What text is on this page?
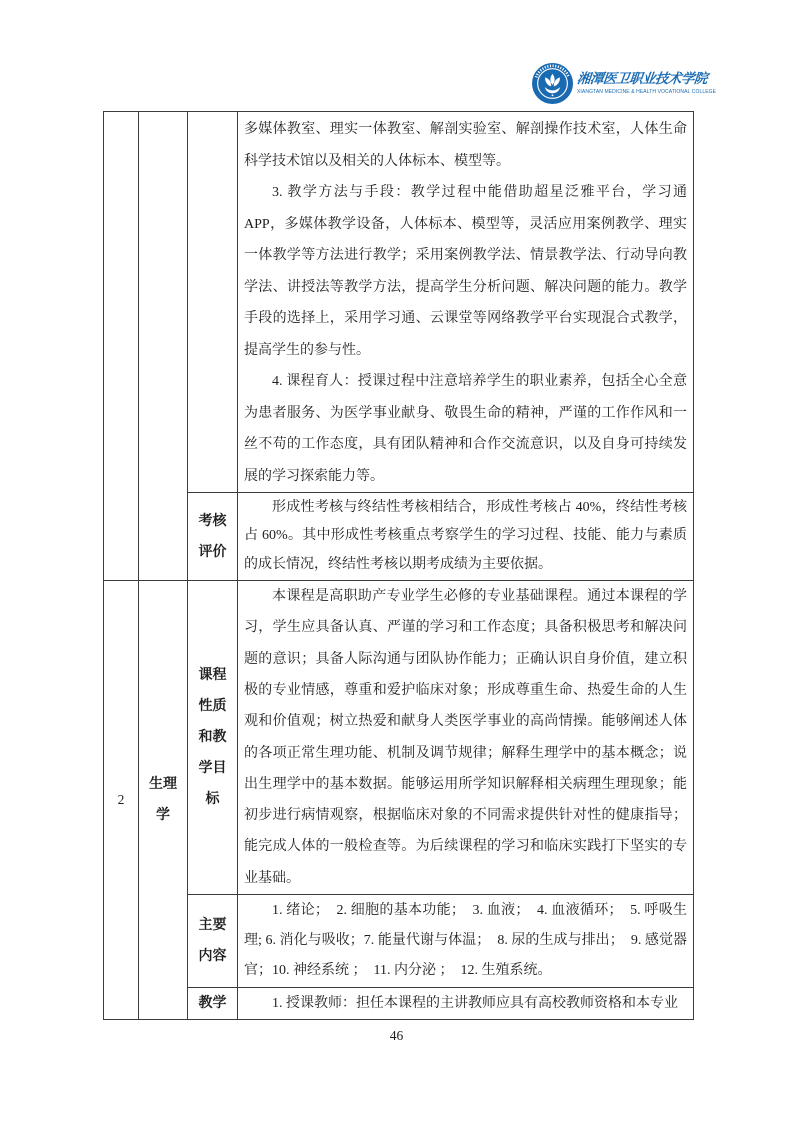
湘潭医卫职业技术学院
XIANGTAN MEDICINE & HEALTH VOCATIONAL COLLEGE

			多媒体教室、理实一体教室、解剖实验室、解剖操作技术室，人体生命科学技术馆以及相关的人体标本、模型等。

3. 教学方法与手段：教学过程中能借助超星泛雅平台，学习通 APP，多媒体教学设备，人体标本、模型等，灵活应用案例教学、理实一体教学等方法进行教学；采用案例教学法、情景教学法、行动导向教学法、讲授法等教学方法，提高学生分析问题、解决问题的能力。教学手段的选择上，采用学习通、云课堂等网络教学平台实现混合式教学，提高学生的参与性。

4. 课程育人：授课过程中注意培养学生的职业素养，包括全心全意为患者服务、为医学事业献身、敬畏生命的精神，严谨的工作作风和一丝不苟的工作态度，具有团队精神和合作交流意识，以及自身可持续发展的学习探索能力等。

		考核评价	形成性考核与终结性考核相结合，形成性考核占 40%，终结性考核占 60%。其中形成性考核重点考察学生的学习过程、技能、能力与素质的成长情况，终结性考核以期考成绩为主要依据。

2	生理学	课程性质和教学目标	本课程是高职助产专业学生必修的专业基础课程。通过本课程的学习，学生应具备认真、严谨的学习和工作态度；具备积极思考和解决问题的意识；具备人际沟通与团队协作能力；正确认识自身价值，建立积极的专业情感，尊重和爱护临床对象；形成尊重生命、热爱生命的人生观和价值观；树立热爱和献身人类医学事业的高尚情操。能够阐述人体的各项正常生理功能、机制及调节规律；解释生理学中的基本概念；说出生理学中的基本数据。能够运用所学知识解释相关病理生理现象；能初步进行病情观察，根据临床对象的不同需求提供针对性的健康指导；能完成人体的一般检查等。为后续课程的学习和临床实践打下坚实的专业基础。

		主要内容	1. 绪论；　2. 细胞的基本功能；　3. 血液；　4. 血液循环；　5. 呼吸生理; 6. 消化与吸收；7. 能量代谢与体温；　8. 尿的生成与排出；　9. 感觉器官；10. 神经系统 ；　11. 内分泌 ；　12. 生殖系统。

		教学	1. 授课教师：担任本课程的主讲教师应具有高校教师资格和本专业

46
